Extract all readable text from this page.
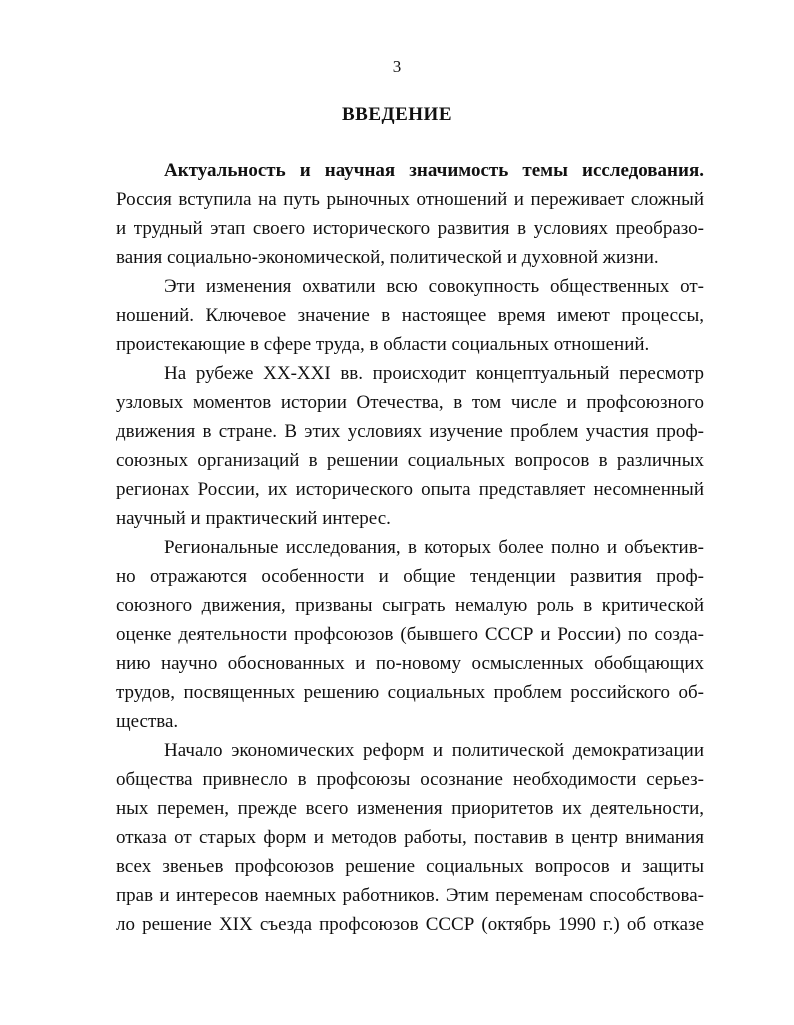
3
ВВЕДЕНИЕ
Актуальность и научная значимость темы исследования.
Россия вступила на путь рыночных отношений и переживает сложный
и трудный этап своего исторического развития в условиях преобразо-
вания социально-экономической, политической и духовной жизни.
Эти изменения охватили всю совокупность общественных от-
ношений. Ключевое значение в настоящее время имеют процессы,
проистекающие в сфере труда, в области социальных отношений.
На рубеже XX-XXI вв. происходит концептуальный пересмотр
узловых моментов истории Отечества, в том числе и профсоюзного
движения в стране. В этих условиях изучение проблем участия проф-
союзных организаций в решении социальных вопросов в различных
регионах России, их исторического опыта представляет несомненный
научный и практический интерес.
Региональные исследования, в которых более полно и объектив-
но отражаются особенности и общие тенденции развития проф-
союзного движения, призваны сыграть немалую роль в критической
оценке деятельности профсоюзов (бывшего СССР и России) по созда-
нию научно обоснованных и по-новому осмысленных обобщающих
трудов, посвященных решению социальных проблем российского об-
щества.
Начало экономических реформ и политической демократизации
общества привнесло в профсоюзы осознание необходимости серьез-
ных перемен, прежде всего изменения приоритетов их деятельности,
отказа от старых форм и методов работы, поставив в центр внимания
всех звеньев профсоюзов решение социальных вопросов и защиты
прав и интересов наемных работников. Этим переменам способствова-
ло решение XIX съезда профсоюзов СССР (октябрь 1990 г.) об отказе
